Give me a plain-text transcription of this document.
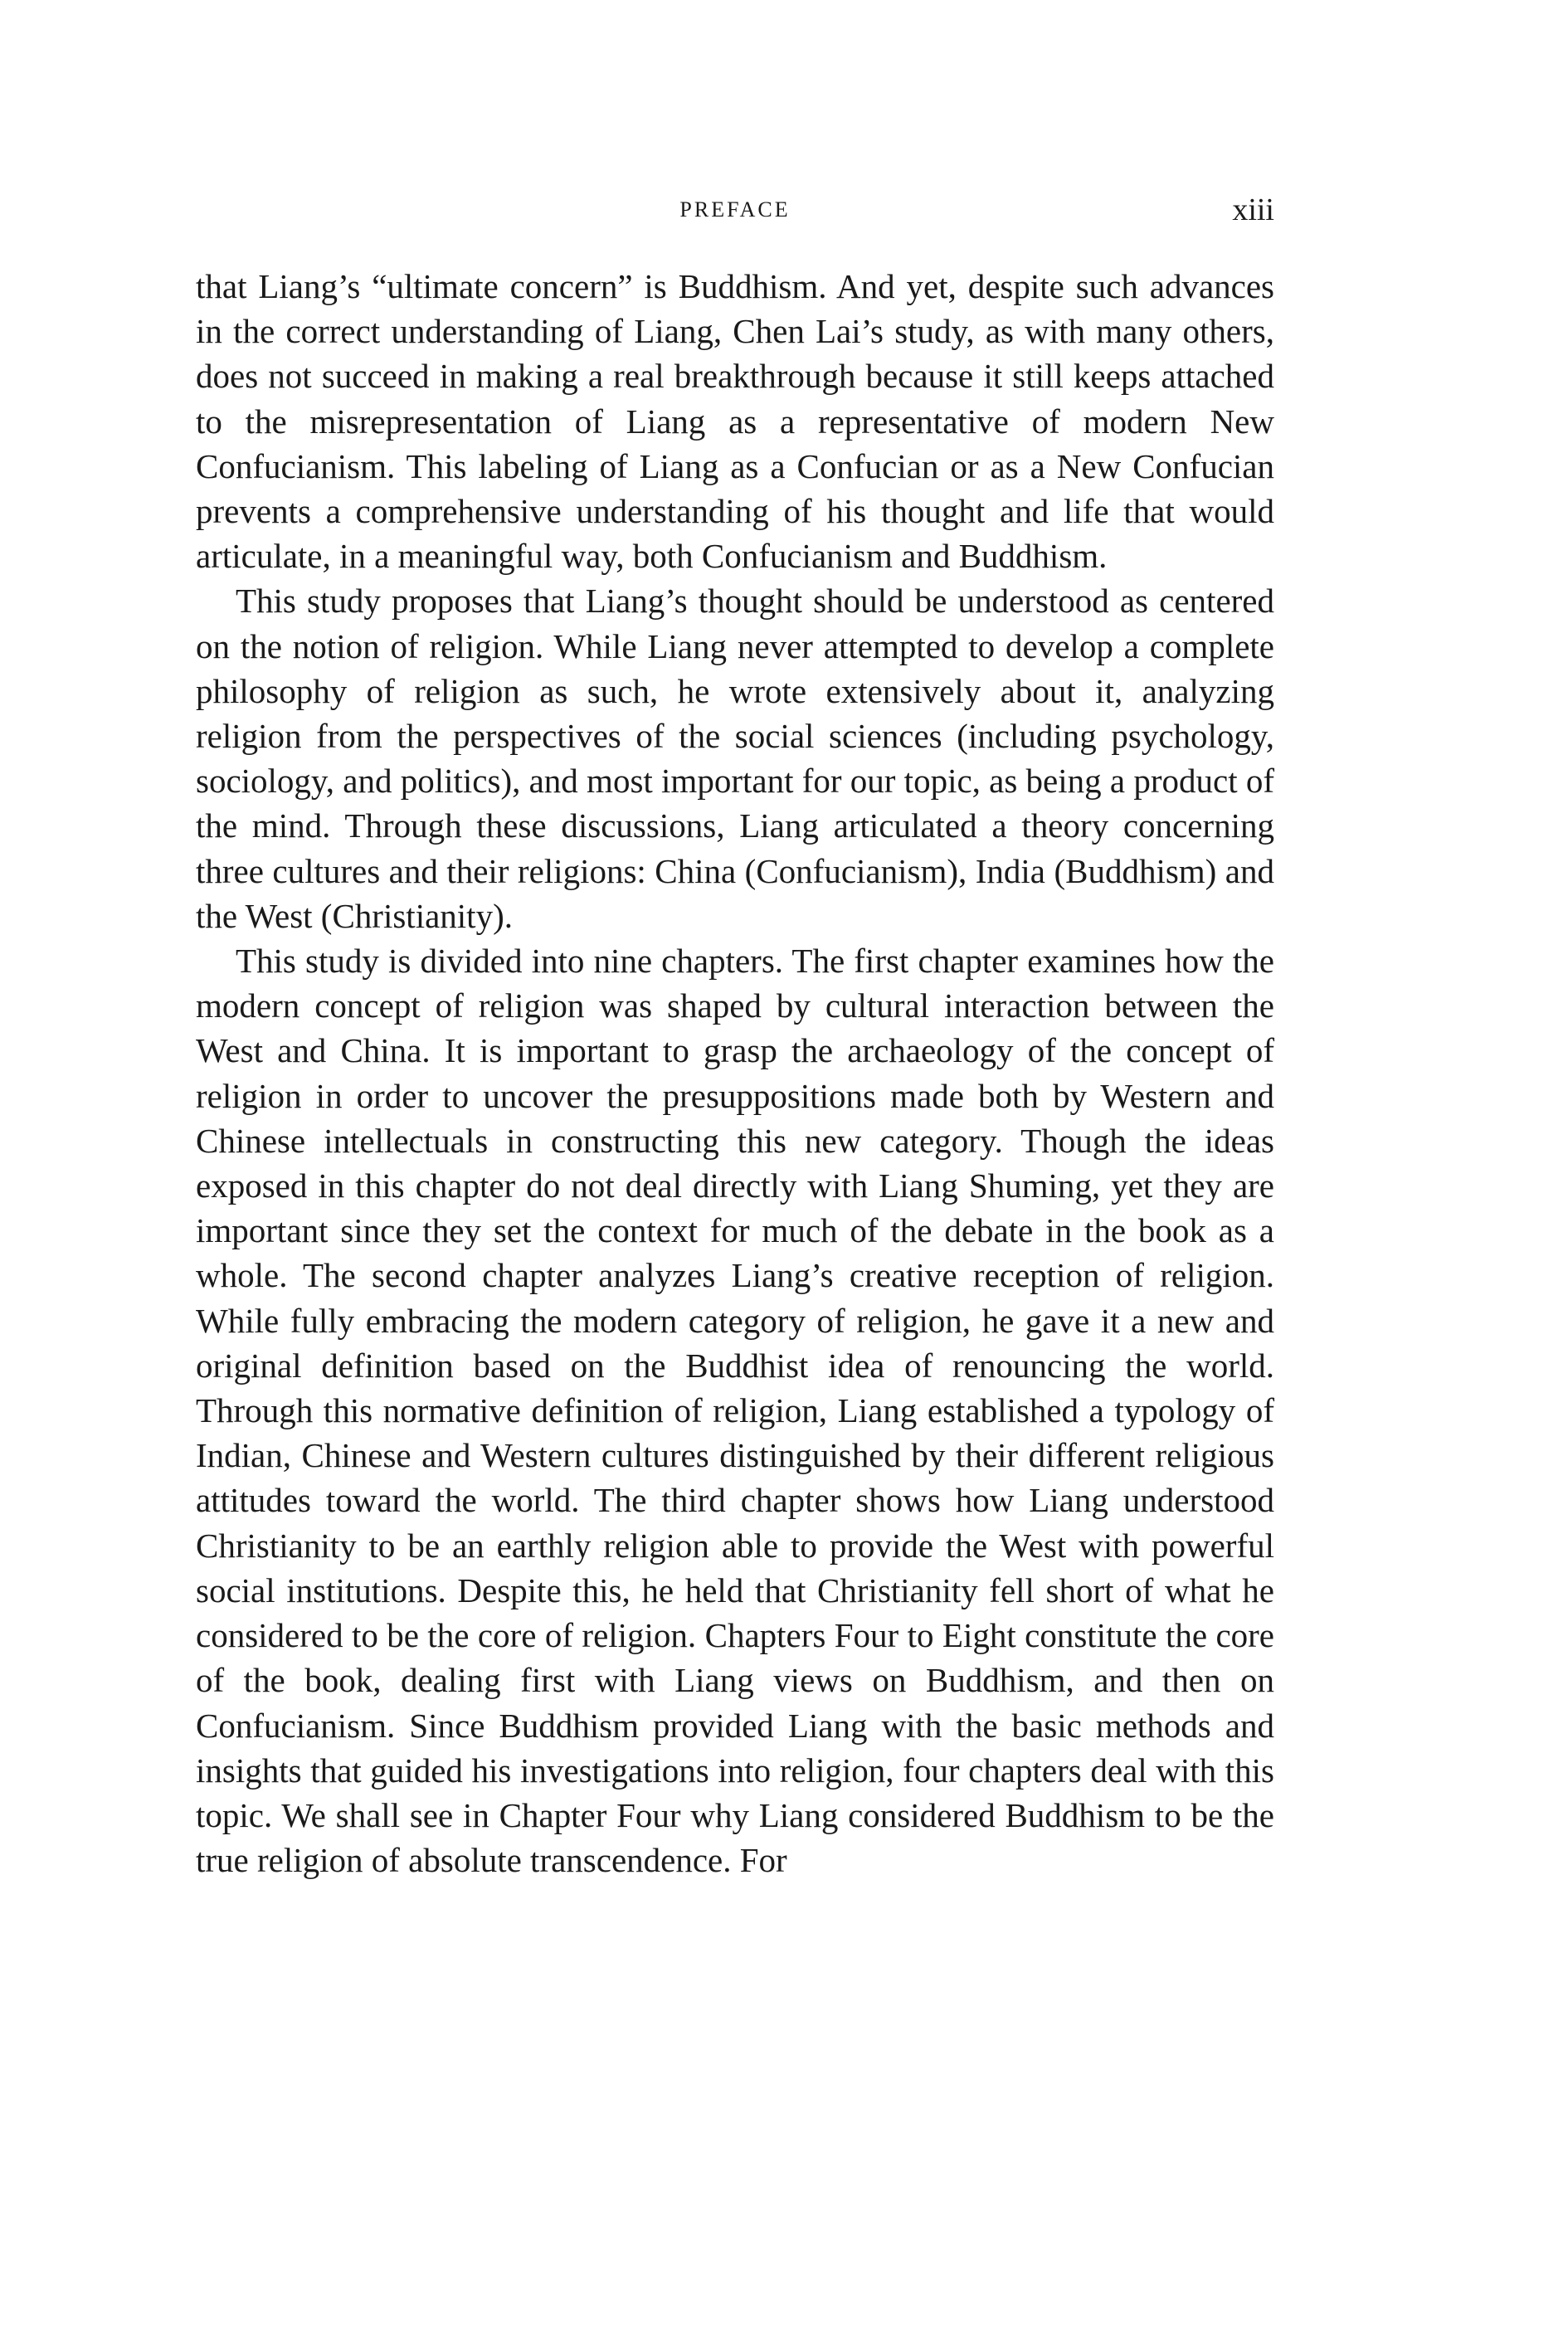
PREFACE	xiii

that Liang’s “ultimate concern” is Buddhism. And yet, despite such advances in the correct understanding of Liang, Chen Lai’s study, as with many others, does not succeed in making a real breakthrough because it still keeps attached to the misrepresentation of Liang as a representative of modern New Confucianism. This labeling of Liang as a Confucian or as a New Confucian prevents a comprehensive understanding of his thought and life that would articulate, in a meaningful way, both Confucianism and Buddhism.

This study proposes that Liang’s thought should be understood as centered on the notion of religion. While Liang never attempted to develop a complete philosophy of religion as such, he wrote extensively about it, analyzing religion from the perspectives of the social sciences (including psychology, sociology, and politics), and most important for our topic, as being a product of the mind. Through these discussions, Liang articulated a theory concerning three cultures and their religions: China (Confucianism), India (Buddhism) and the West (Christianity).

This study is divided into nine chapters. The first chapter examines how the modern concept of religion was shaped by cultural interaction between the West and China. It is important to grasp the archaeology of the concept of religion in order to uncover the presuppositions made both by Western and Chinese intellectuals in constructing this new category. Though the ideas exposed in this chapter do not deal directly with Liang Shuming, yet they are important since they set the context for much of the debate in the book as a whole. The second chapter analyzes Liang’s creative reception of religion. While fully embracing the modern category of religion, he gave it a new and original definition based on the Buddhist idea of renouncing the world. Through this normative definition of religion, Liang established a typology of Indian, Chinese and Western cultures distinguished by their different religious attitudes toward the world. The third chapter shows how Liang understood Christianity to be an earthly religion able to provide the West with powerful social institutions. Despite this, he held that Christianity fell short of what he considered to be the core of religion. Chapters Four to Eight constitute the core of the book, dealing first with Liang views on Buddhism, and then on Confucianism. Since Buddhism provided Liang with the basic methods and insights that guided his investigations into religion, four chapters deal with this topic. We shall see in Chapter Four why Liang considered Buddhism to be the true religion of absolute transcendence. For
